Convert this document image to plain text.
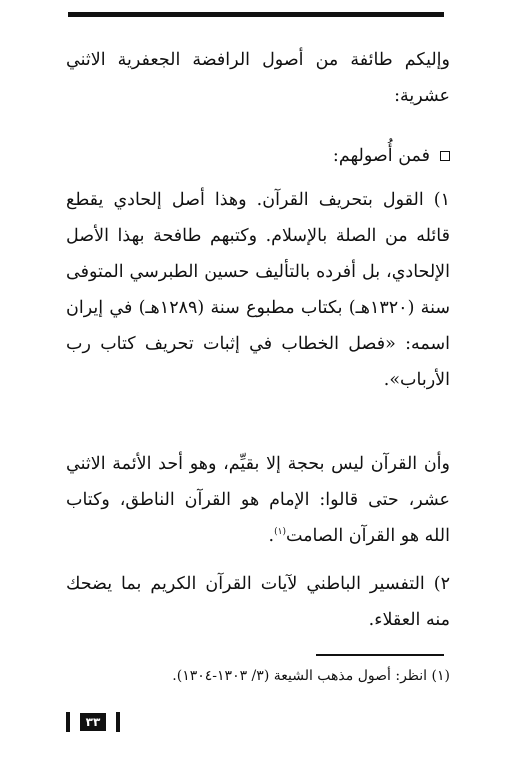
وإليكم طائفة من أصول الرافضة الجعفرية الاثني عشرية:

فمن أُصولهم:

١) القول بتحريف القرآن. وهذا أصل إلحادي يقطع قائله من الصلة بالإسلام. وكتبهم طافحة بهذا الأصل الإلحادي، بل أفرده بالتأليف حسين الطبرسي المتوفى سنة (١٣٢٠هـ) بكتاب مطبوع سنة (١٢٨٩هـ) في إيران اسمه: «فصل الخطاب في إثبات تحريف كتاب رب الأرباب».

وأن القرآن ليس بحجة إلا بقيِّم، وهو أحد الأئمة الاثني عشر، حتى قالوا: الإمام هو القرآن الناطق، وكتاب الله هو القرآن الصامت$^{(١)}$.

٢) التفسير الباطني لآيات القرآن الكريم بما يضحك منه العقلاء.

(١) انظر: أصول مذهب الشيعة (٣/ ١٣٠٣-١٣٠٤).
٣٣
